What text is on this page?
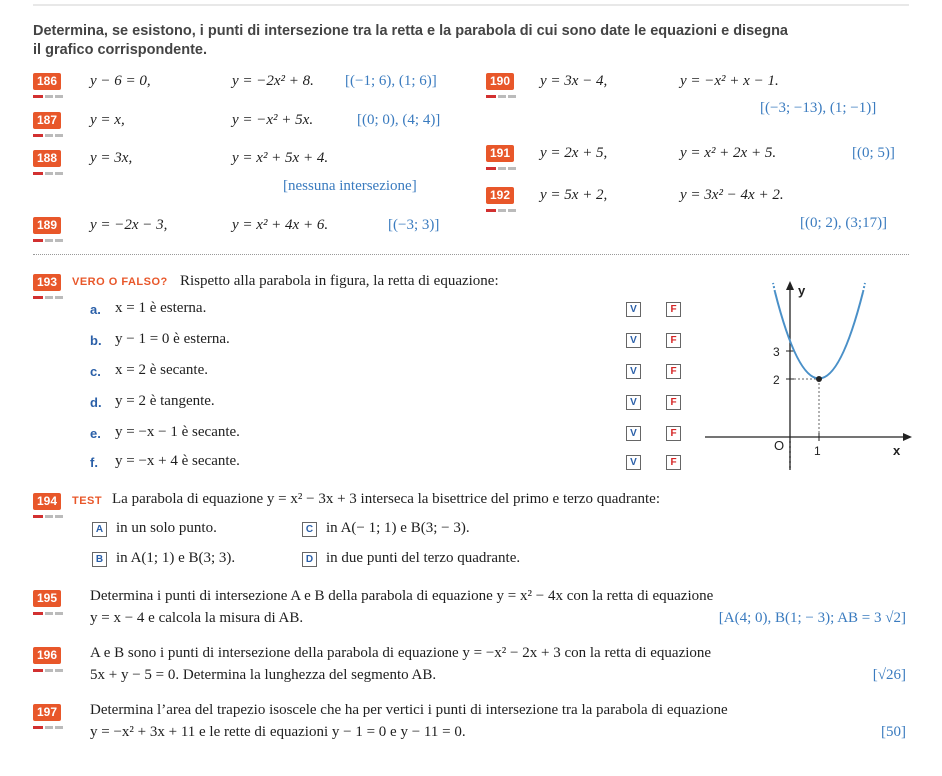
Determina, se esistono, i punti di intersezione tra la retta e la parabola di cui sono date le equazioni e disegna
il grafico corrispondente.
186 y − 6 = 0,	y = −2x² + 8. [(−1; 6), (1; 6)]
187 y = x,	y = −x² + 5x.	[(0; 0), (4; 4)]
188 y = 3x,	y = x² + 5x + 4.
[nessuna intersezione]
189 y = −2x − 3,	y = x² + 4x + 6.	[(−3; 3)]
190 y = 3x − 4,	y = −x² + x − 1.
[(−3; −13), (1; −1)]
191 y = 2x + 5,	y = x² + 2x + 5.	[(0; 5)]
192 y = 5x + 2,	y = 3x² − 4x + 2.
[(0; 2), (3;17)]
193	VERO O FALSO? Rispetto alla parabola in figura, la retta di equazione:
a. x = 1 è esterna.	V	F
b. y − 1 = 0 è esterna.	V	F
c. x = 2 è secante.	V	F
d. y = 2 è tangente.	V	F
e. y = −x − 1 è secante.	V	F
f. y = −x + 4 è secante.	V	F
y
x
O 1
2
3
194	TEST La parabola di equazione y = x² − 3x + 3 interseca la bisettrice del primo e terzo quadrante:
A in un solo punto.	C in A(− 1; 1) e B(3; − 3).
B in A(1; 1) e B(3; 3).	D in due punti del terzo quadrante.
195 Determina i punti di intersezione A e B della parabola di equazione y = x² − 4x con la retta di equazione
y = x − 4 e calcola la misura di AB.	[A(4; 0), B(1; − 3); AB = 3 √2]
196 A e B sono i punti di intersezione della parabola di equazione y = −x² − 2x + 3 con la retta di equazione
5x + y − 5 = 0. Determina la lunghezza del segmento AB.	[√26]
197 Determina l’area del trapezio isoscele che ha per vertici i punti di intersezione tra la parabola di equazione
y = −x² + 3x + 11 e le rette di equazioni y − 1 = 0 e y − 11 = 0.	[50]
